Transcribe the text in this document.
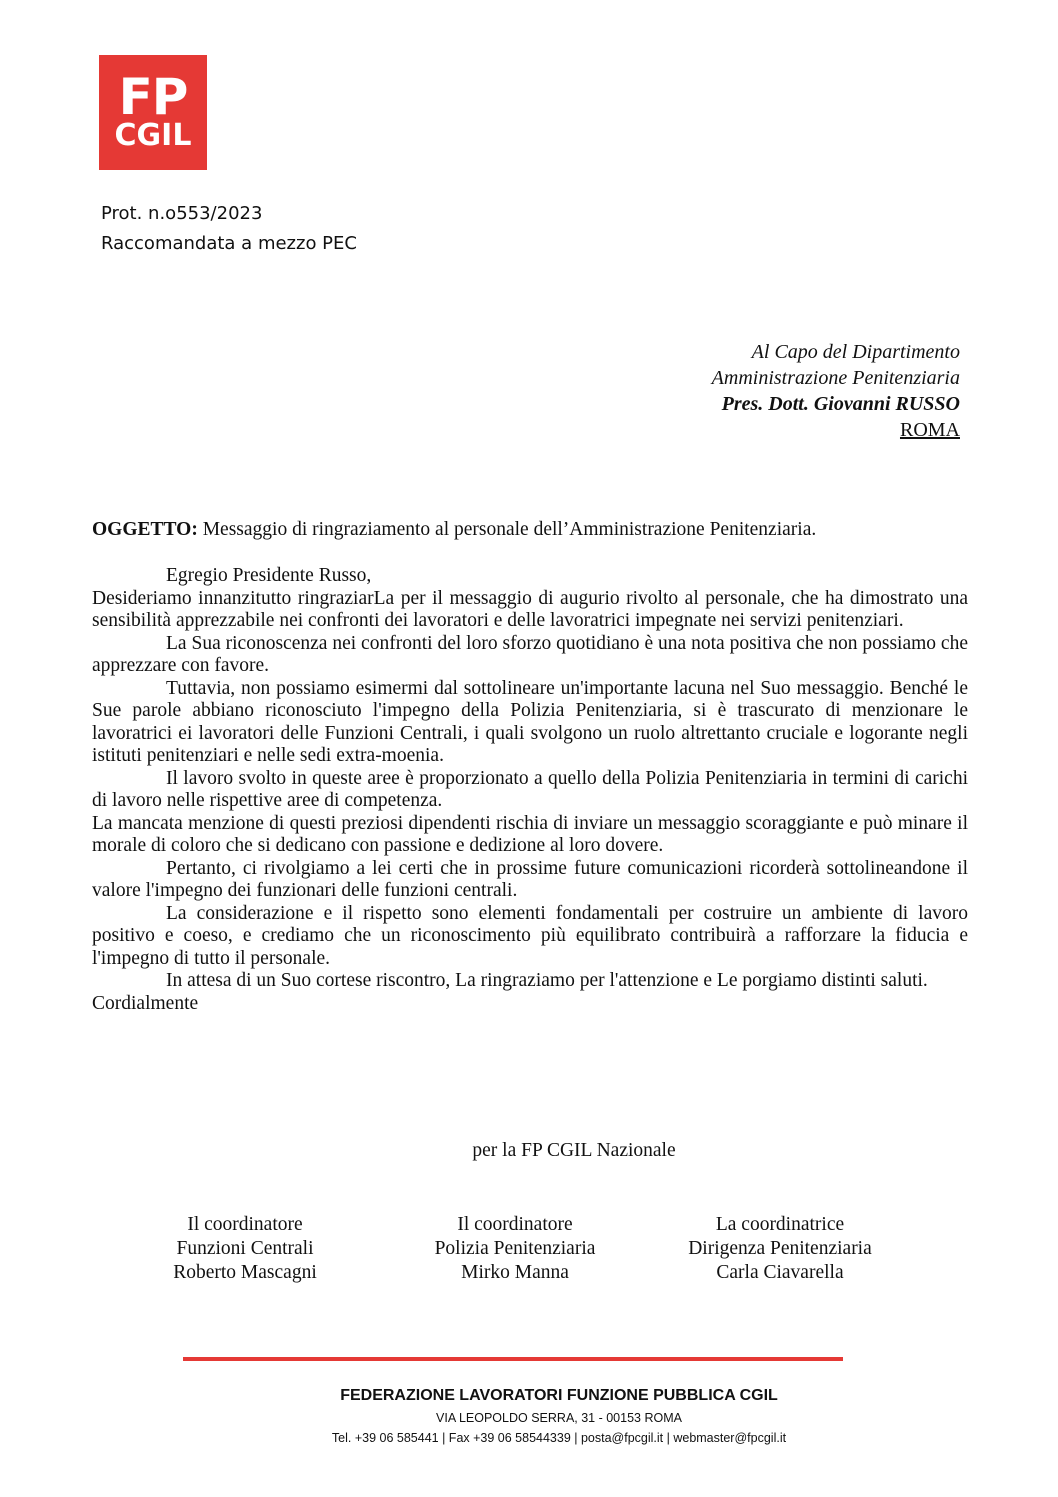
FP
CGIL
Prot. n.o553/2023
Raccomandata a mezzo PEC
Al Capo del Dipartimento
Amministrazione Penitenziaria
Pres. Dott. Giovanni RUSSO
ROMA
OGGETTO: Messaggio di ringraziamento al personale dell’Amministrazione Penitenziaria.

Egregio Presidente Russo,

Desideriamo innanzitutto ringraziarLa per il messaggio di augurio rivolto al personale, che ha dimostrato una sensibilità apprezzabile nei confronti dei lavoratori e delle lavoratrici impegnate nei servizi penitenziari.

La Sua riconoscenza nei confronti del loro sforzo quotidiano è una nota positiva che non possiamo che apprezzare con favore.

Tuttavia, non possiamo esimermi dal sottolineare un'importante lacuna nel Suo messaggio. Benché le Sue parole abbiano riconosciuto l'impegno della Polizia Penitenziaria, si è trascurato di menzionare le lavoratrici ei lavoratori delle Funzioni Centrali, i quali svolgono un ruolo altrettanto cruciale e logorante negli istituti penitenziari e nelle sedi extra-moenia.

Il lavoro svolto in queste aree è proporzionato a quello della Polizia Penitenziaria in termini di carichi di lavoro nelle rispettive aree di competenza.

La mancata menzione di questi preziosi dipendenti rischia di inviare un messaggio scoraggiante e può minare il morale di coloro che si dedicano con passione e dedizione al loro dovere.

Pertanto, ci rivolgiamo a lei certi che in prossime future comunicazioni ricorderà sottolineandone il valore l'impegno dei funzionari delle funzioni centrali.

La considerazione e il rispetto sono elementi fondamentali per costruire un ambiente di lavoro positivo e coeso, e crediamo che un riconoscimento più equilibrato contribuirà a rafforzare la fiducia e l'impegno di tutto il personale.

In attesa di un Suo cortese riscontro, La ringraziamo per l'attenzione e Le porgiamo distinti saluti.

Cordialmente

per la FP CGIL Nazionale
Il coordinatore
Funzioni Centrali
Roberto Mascagni
Il coordinatore
Polizia Penitenziaria
Mirko Manna
La coordinatrice
Dirigenza Penitenziaria
Carla Ciavarella
FEDERAZIONE LAVORATORI FUNZIONE PUBBLICA CGIL
VIA LEOPOLDO SERRA, 31 - 00153 ROMA
Tel. +39 06 585441 | Fax +39 06 58544339 | posta@fpcgil.it | webmaster@fpcgil.it
